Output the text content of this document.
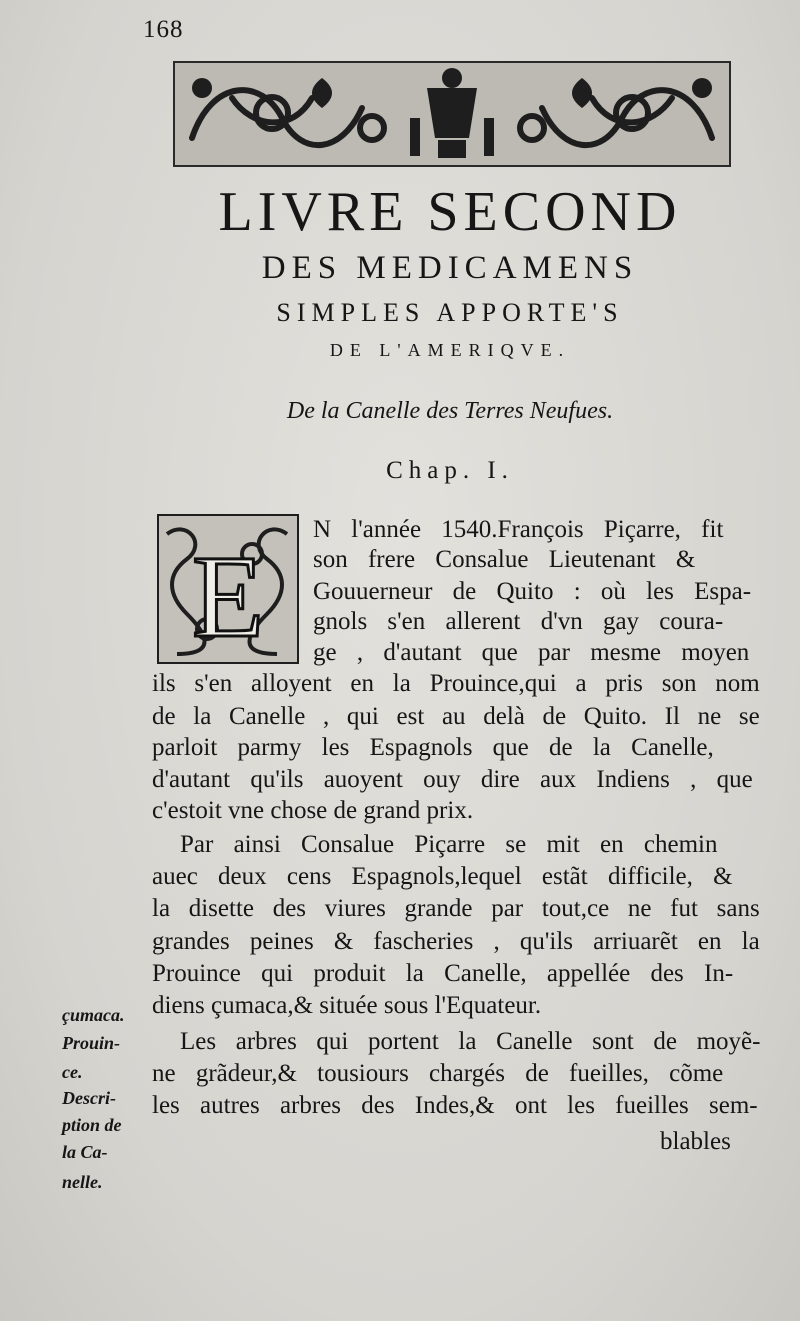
168
LIVRE SECOND
DES MEDICAMENS
SIMPLES APPORTE'S
DE L'AMERIQVE.
De la Canelle des Terres Neufues.
Chap. I.
E
N l'année 1540.François Piçarre, fit
son frere Consalue Lieutenant &
Gouuerneur de Quito : où les Espa-
gnols s'en allerent d'vn gay coura-
ge , d'autant que par mesme moyen
ils s'en alloyent en la Prouince,qui a pris son nom
de la Canelle , qui est au delà de Quito. Il ne se
parloit parmy les Espagnols que de la Canelle,
d'autant qu'ils auoyent ouy dire aux Indiens , que
c'estoit vne chose de grand prix.
Par ainsi Consalue Piçarre se mit en chemin
auec deux cens Espagnols,lequel estãt difficile, &
la disette des viures grande par tout,ce ne fut sans
grandes peines & fascheries , qu'ils arriuarẽt en la
Prouince qui produit la Canelle, appellée des In-
diens çumaca,& située sous l'Equateur.
Les arbres qui portent la Canelle sont de moyẽ-
ne grãdeur,& tousiours chargés de fueilles, cõme
les autres arbres des Indes,& ont les fueilles sem-
blables
çumaca.
Prouin-
ce.
Descri-
ption de
la Ca-
nelle.
